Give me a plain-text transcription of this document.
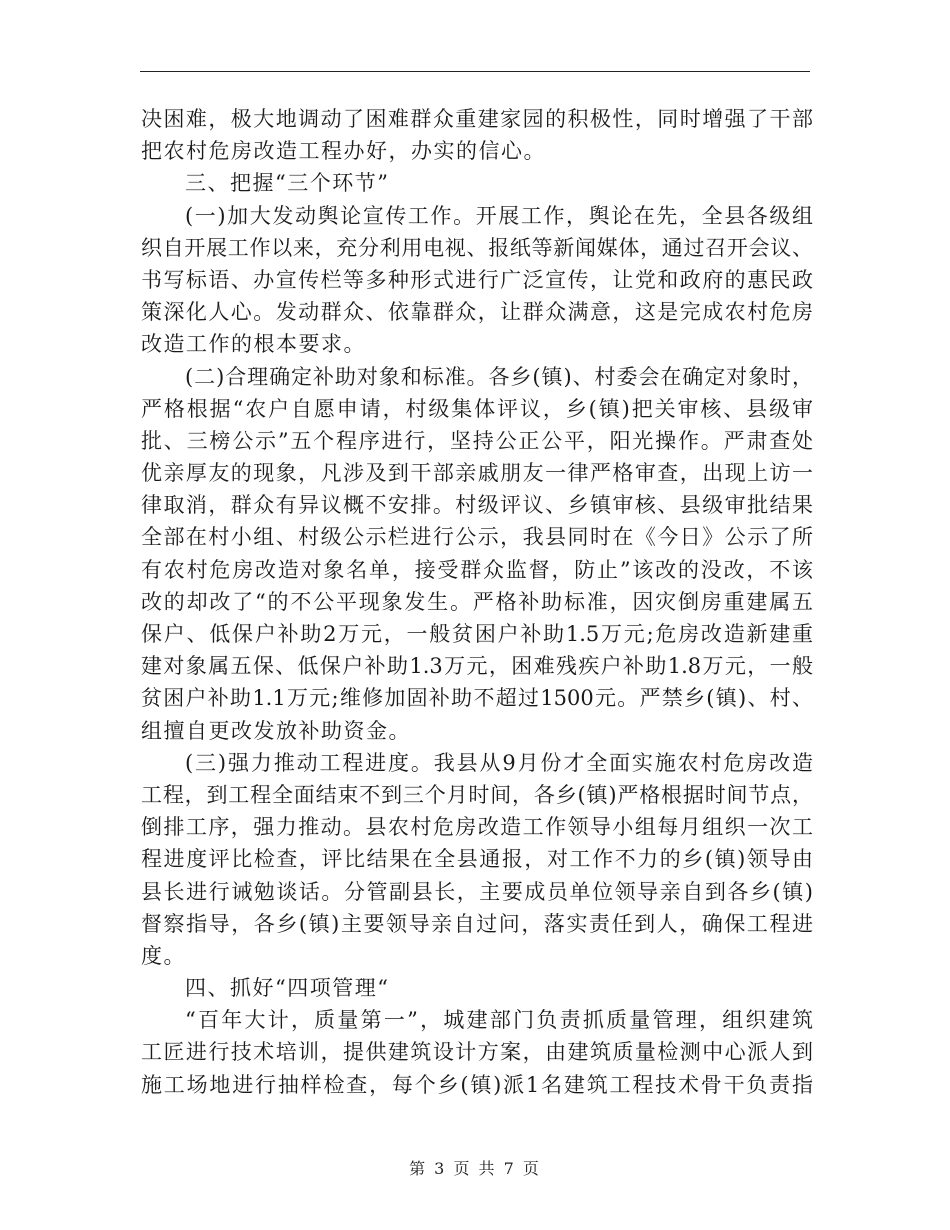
决困难，极大地调动了困难群众重建家园的积极性，同时增强了干部
把农村危房改造工程办好，办实的信心。
三、把握“三个环节”
(一)加大发动舆论宣传工作。开展工作，舆论在先，全县各级组
织自开展工作以来，充分利用电视、报纸等新闻媒体，通过召开会议、
书写标语、办宣传栏等多种形式进行广泛宣传，让党和政府的惠民政
策深化人心。发动群众、依靠群众，让群众满意，这是完成农村危房
改造工作的根本要求。
(二)合理确定补助对象和标准。各乡(镇)、村委会在确定对象时，
严格根据“农户自愿申请，村级集体评议，乡(镇)把关审核、县级审
批、三榜公示”五个程序进行，坚持公正公平，阳光操作。严肃查处
优亲厚友的现象，凡涉及到干部亲戚朋友一律严格审查，出现上访一
律取消，群众有异议概不安排。村级评议、乡镇审核、县级审批结果
全部在村小组、村级公示栏进行公示，我县同时在《今日》公示了所
有农村危房改造对象名单，接受群众监督，防止”该改的没改，不该
改的却改了“的不公平现象发生。严格补助标准，因灾倒房重建属五
保户、低保户补助2万元，一般贫困户补助1.5万元;危房改造新建重
建对象属五保、低保户补助1.3万元，困难残疾户补助1.8万元，一般
贫困户补助1.1万元;维修加固补助不超过1500元。严禁乡(镇)、村、
组擅自更改发放补助资金。
(三)强力推动工程进度。我县从9月份才全面实施农村危房改造
工程，到工程全面结束不到三个月时间，各乡(镇)严格根据时间节点，
倒排工序，强力推动。县农村危房改造工作领导小组每月组织一次工
程进度评比检查，评比结果在全县通报，对工作不力的乡(镇)领导由
县长进行诫勉谈话。分管副县长，主要成员单位领导亲自到各乡(镇)
督察指导，各乡(镇)主要领导亲自过问，落实责任到人，确保工程进
度。
四、抓好“四项管理“
“百年大计，质量第一”，城建部门负责抓质量管理，组织建筑
工匠进行技术培训，提供建筑设计方案，由建筑质量检测中心派人到
施工场地进行抽样检查，每个乡(镇)派1名建筑工程技术骨干负责指
第 3 页 共 7 页
